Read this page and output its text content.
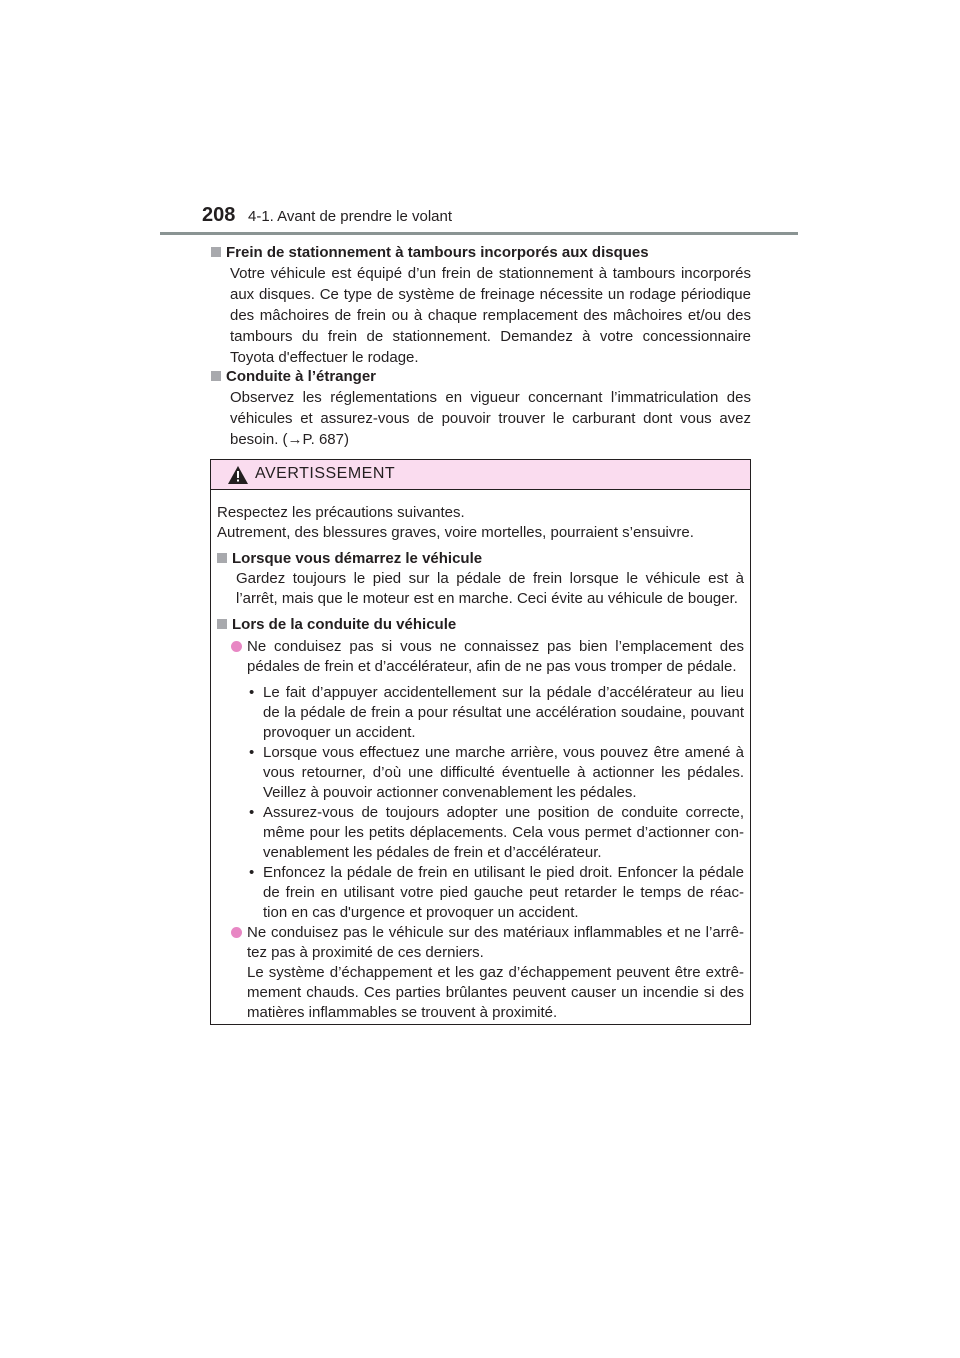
208 4-1. Avant de prendre le volant
Frein de stationnement à tambours incorporés aux disques
Votre véhicule est équipé d’un frein de stationnement à tambours incorporés aux disques. Ce type de système de freinage nécessite un rodage périodique des mâchoires de frein ou à chaque remplacement des mâchoires et/ou des tambours du frein de stationnement. Demandez à votre concessionnaire Toyota d'effectuer le rodage.
Conduite à l’étranger
Observez les réglementations en vigueur concernant l’immatriculation des véhicules et assurez-vous de pouvoir trouver le carburant dont vous avez besoin. (→P. 687)
AVERTISSEMENT
Respectez les précautions suivantes.
Autrement, des blessures graves, voire mortelles, pourraient s’ensuivre.
Lorsque vous démarrez le véhicule
Gardez toujours le pied sur la pédale de frein lorsque le véhicule est à l’arrêt, mais que le moteur est en marche. Ceci évite au véhicule de bouger.
Lors de la conduite du véhicule
Ne conduisez pas si vous ne connaissez pas bien l’emplacement des pédales de frein et d’accélérateur, afin de ne pas vous tromper de pédale.
• Le fait d’appuyer accidentellement sur la pédale d’accélérateur au lieu de la pédale de frein a pour résultat une accélération soudaine, pouvant provoquer un accident.
• Lorsque vous effectuez une marche arrière, vous pouvez être amené à vous retourner, d’où une difficulté éventuelle à actionner les pédales. Veillez à pouvoir actionner convenablement les pédales.
• Assurez-vous de toujours adopter une position de conduite correcte, même pour les petits déplacements. Cela vous permet d’actionner con-venablement les pédales de frein et d’accélérateur.
• Enfoncez la pédale de frein en utilisant le pied droit. Enfoncer la pédale de frein en utilisant votre pied gauche peut retarder le temps de réac-tion en cas d'urgence et provoquer un accident.
Ne conduisez pas le véhicule sur des matériaux inflammables et ne l’arrê-tez pas à proximité de ces derniers.
Le système d’échappement et les gaz d’échappement peuvent être extrê-mement chauds. Ces parties brûlantes peuvent causer un incendie si des matières inflammables se trouvent à proximité.
